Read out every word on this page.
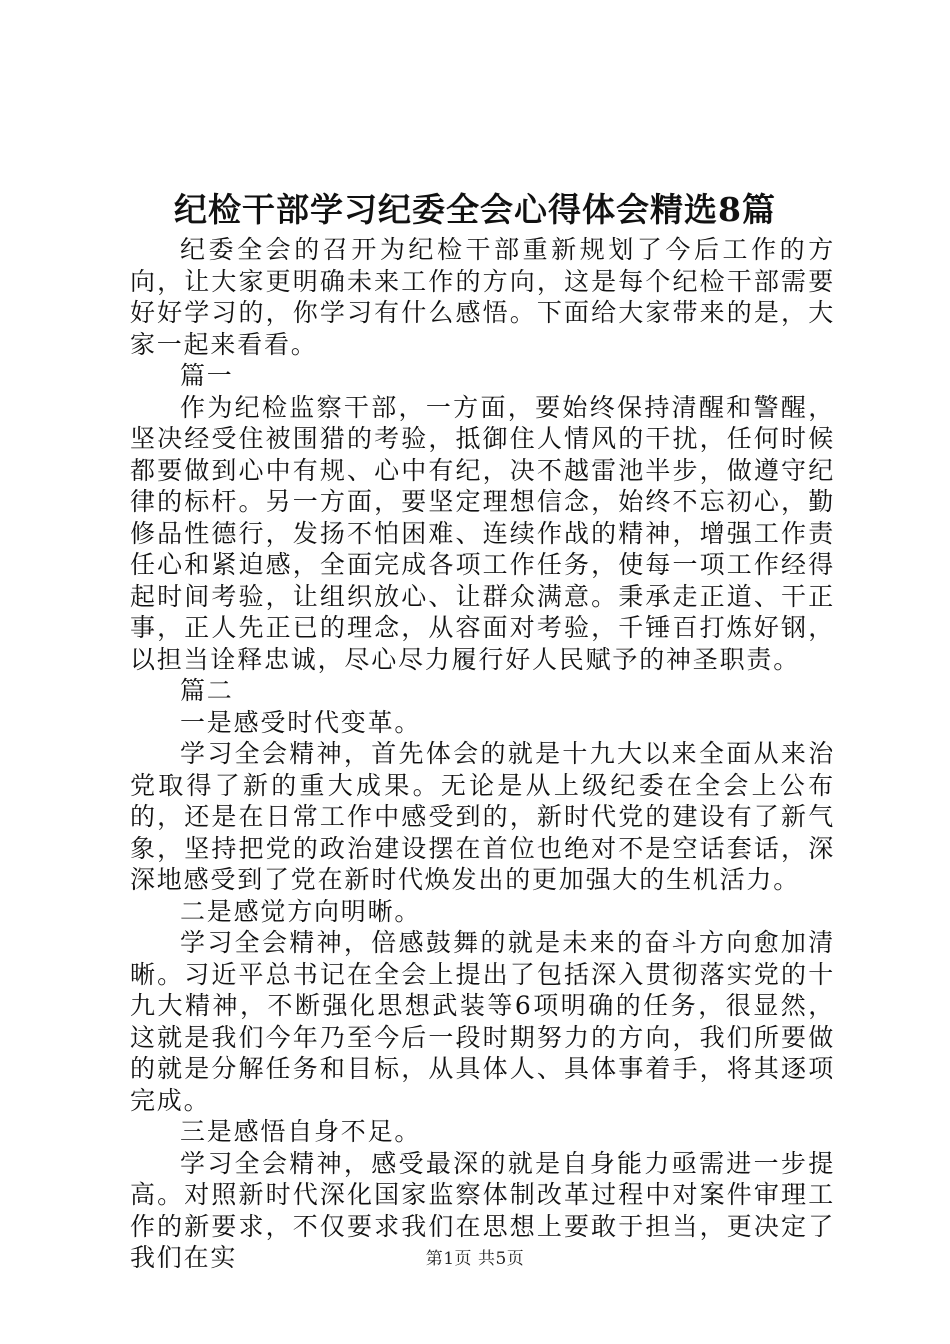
纪检干部学习纪委全会心得体会精选8篇

纪委全会的召开为纪检干部重新规划了今后工作的方向，让大家更明确未来工作的方向，这是每个纪检干部需要好好学习的，你学习有什么感悟。下面给大家带来的是，大家一起来看看。

篇一

作为纪检监察干部，一方面，要始终保持清醒和警醒，坚决经受住被围猎的考验，抵御住人情风的干扰，任何时候都要做到心中有规、心中有纪，决不越雷池半步，做遵守纪律的标杆。另一方面，要坚定理想信念，始终不忘初心，勤修品性德行，发扬不怕困难、连续作战的精神，增强工作责任心和紧迫感，全面完成各项工作任务，使每一项工作经得起时间考验，让组织放心、让群众满意。秉承走正道、干正事，正人先正已的理念，从容面对考验，千锤百打炼好钢，以担当诠释忠诚，尽心尽力履行好人民赋予的神圣职责。

篇二

一是感受时代变革。

学习全会精神，首先体会的就是十九大以来全面从来治党取得了新的重大成果。无论是从上级纪委在全会上公布的，还是在日常工作中感受到的，新时代党的建设有了新气象，坚持把党的政治建设摆在首位也绝对不是空话套话，深深地感受到了党在新时代焕发出的更加强大的生机活力。

二是感觉方向明晰。

学习全会精神，倍感鼓舞的就是未来的奋斗方向愈加清晰。习近平总书记在全会上提出了包括深入贯彻落实党的十九大精神，不断强化思想武装等6项明确的任务，很显然，这就是我们今年乃至今后一段时期努力的方向，我们所要做的就是分解任务和目标，从具体人、具体事着手，将其逐项完成。

三是感悟自身不足。

学习全会精神，感受最深的就是自身能力亟需进一步提高。对照新时代深化国家监察体制改革过程中对案件审理工作的新要求，不仅要求我们在思想上要敢于担当，更决定了我们在实	第1页 共5页
